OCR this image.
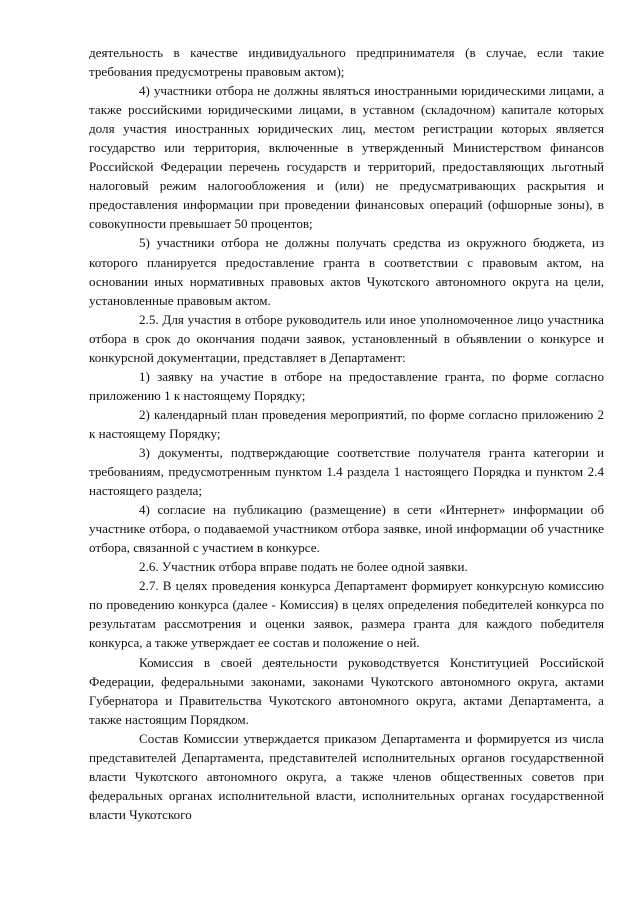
деятельность в качестве индивидуального предпринимателя (в случае, если такие требования предусмотрены правовым актом);

4) участники отбора не должны являться иностранными юридическими лицами, а также российскими юридическими лицами, в уставном (складочном) капитале которых доля участия иностранных юридических лиц, местом регистрации которых является государство или территория, включенные в утвержденный Министерством финансов Российской Федерации перечень государств и территорий, предоставляющих льготный налоговый режим налогообложения и (или) не предусматривающих раскрытия и предоставления информации при проведении финансовых операций (офшорные зоны), в совокупности превышает 50 процентов;

5) участники отбора не должны получать средства из окружного бюджета, из которого планируется предоставление гранта в соответствии с правовым актом, на основании иных нормативных правовых актов Чукотского автономного округа на цели, установленные правовым актом.

2.5. Для участия в отборе руководитель или иное уполномоченное лицо участника отбора в срок до окончания подачи заявок, установленный в объявлении о конкурсе и конкурсной документации, представляет в Департамент:

1) заявку на участие в отборе на предоставление гранта, по форме согласно приложению 1 к настоящему Порядку;

2) календарный план проведения мероприятий, по форме согласно приложению 2 к настоящему Порядку;

3) документы, подтверждающие соответствие получателя гранта категории и требованиям, предусмотренным пунктом 1.4 раздела 1 настоящего Порядка и пунктом 2.4 настоящего раздела;

4) согласие на публикацию (размещение) в сети «Интернет» информации об участнике отбора, о подаваемой участником отбора заявке, иной информации об участнике отбора, связанной с участием в конкурсе.

2.6. Участник отбора вправе подать не более одной заявки.

2.7. В целях проведения конкурса Департамент формирует конкурсную комиссию по проведению конкурса (далее - Комиссия) в целях определения победителей конкурса по результатам рассмотрения и оценки заявок, размера гранта для каждого победителя конкурса, а также утверждает ее состав и положение о ней.

Комиссия в своей деятельности руководствуется Конституцией Российской Федерации, федеральными законами, законами Чукотского автономного округа, актами Губернатора и Правительства Чукотского автономного округа, актами Департамента, а также настоящим Порядком.

Состав Комиссии утверждается приказом Департамента и формируется из числа представителей Департамента, представителей исполнительных органов государственной власти Чукотского автономного округа, а также членов общественных советов при федеральных органах исполнительной власти, исполнительных органах государственной власти Чукотского
